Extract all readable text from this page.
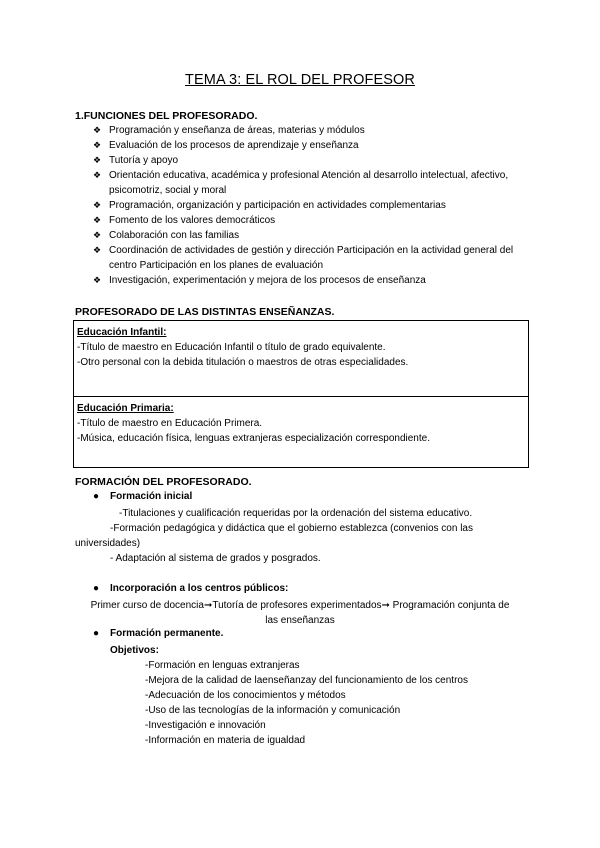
TEMA 3: EL ROL DEL PROFESOR
1.FUNCIONES DEL PROFESORADO.
❖ Programación y enseñanza de áreas, materias y módulos
❖ Evaluación de los procesos de aprendizaje y enseñanza
❖ Tutoría y apoyo
❖ Orientación educativa, académica y profesional Atención al desarrollo intelectual, afectivo, psicomotriz, social y moral
❖ Programación, organización y participación en actividades complementarias
❖ Fomento de los valores democráticos
❖ Colaboración con las familias
❖ Coordinación de actividades de gestión y dirección Participación en la actividad general del centro Participación en los planes de evaluación
❖ Investigación, experimentación y mejora de los procesos de enseñanza
PROFESORADO DE LAS DISTINTAS ENSEÑANZAS.
Educación Infantil:
-Título de maestro en Educación Infantil o título de grado equivalente.
-Otro personal con la debida titulación o maestros de otras especialidades.
Educación Primaria:
-Título de maestro en Educación Primera.
-Música, educación física, lenguas extranjeras especialización correspondiente.
FORMACIÓN DEL PROFESORADO.
● Formación inicial
-Titulaciones y cualificación requeridas por la ordenación del sistema educativo.
-Formación pedagógica y didáctica que el gobierno establezca (convenios con las
universidades)
- Adaptación al sistema de grados y posgrados.
● Incorporación a los centros públicos:
Primer curso de docencia➞Tutoría de profesores experimentados➞ Programación conjunta de
las enseñanzas
● Formación permanente.
Objetivos:
-Formación en lenguas extranjeras
-Mejora de la calidad de laenseñanzay del funcionamiento de los centros
-Adecuación de los conocimientos y métodos
-Uso de las tecnologías de la información y comunicación
-Investigación e innovación
-Información en materia de igualdad
